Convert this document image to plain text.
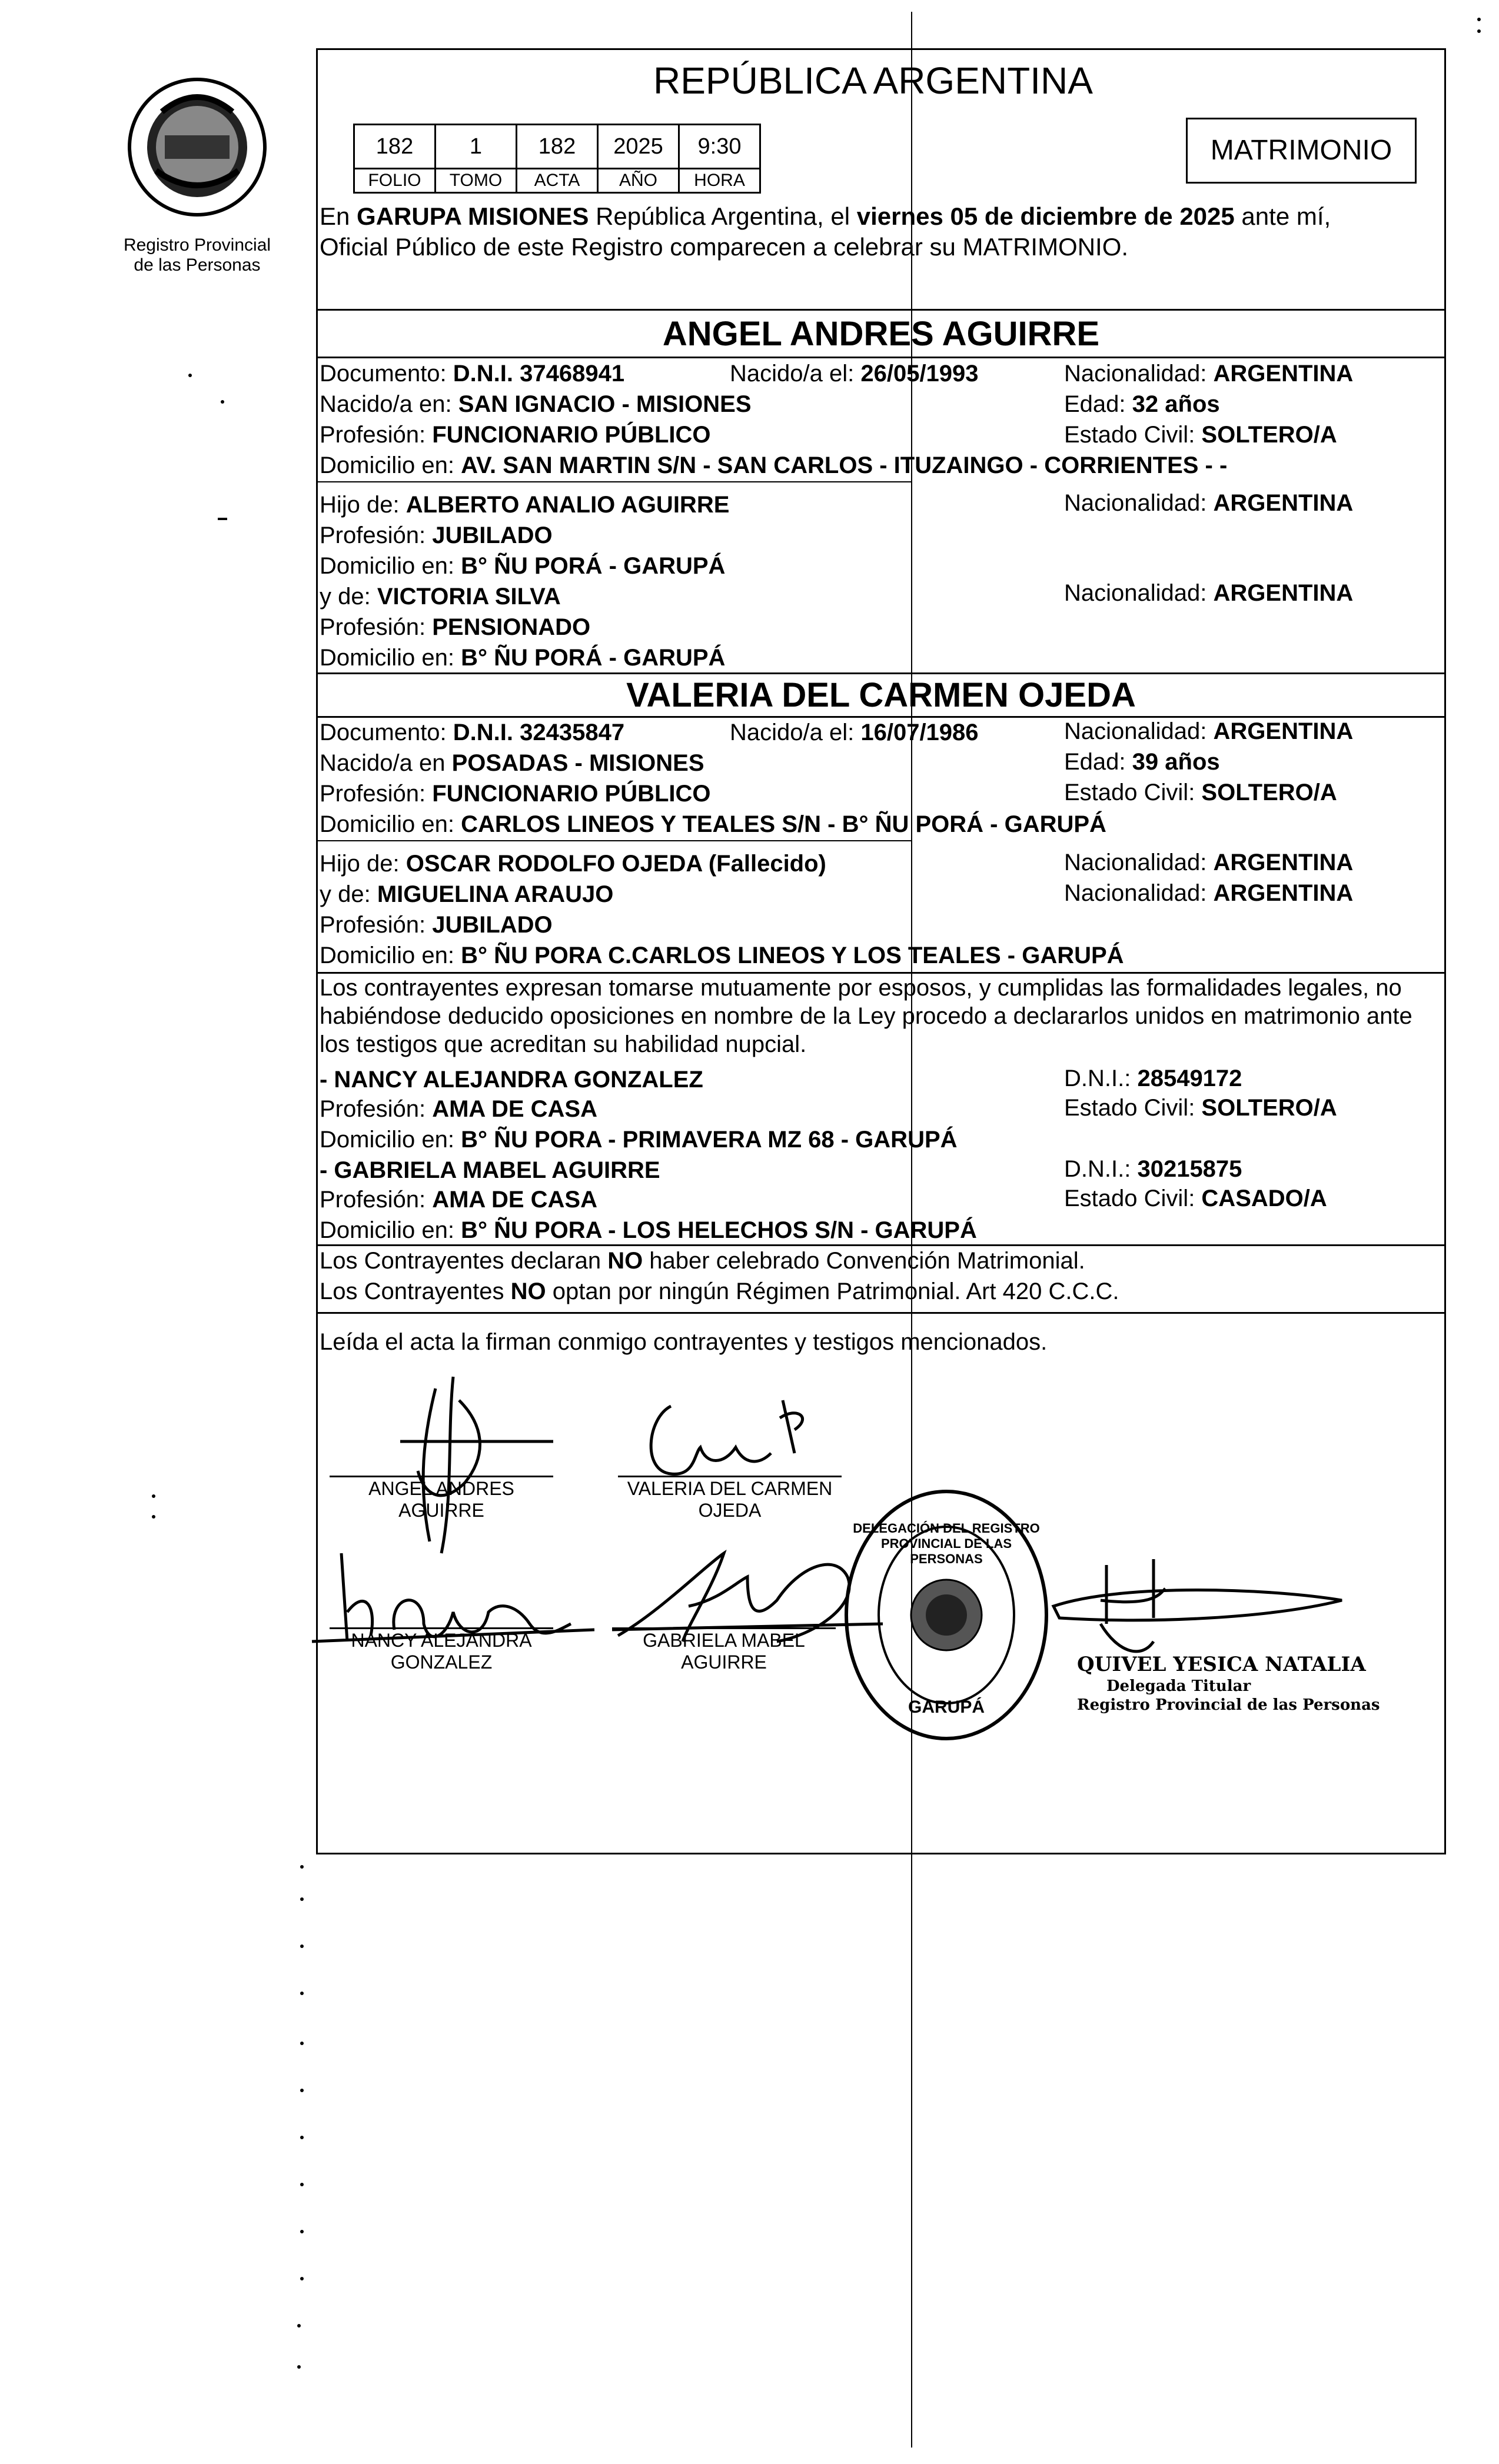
Registro Provincial
de las Personas
REPÚBLICA ARGENTINA
182	1	182	2025	9:30
FOLIO	TOMO	ACTA	AÑO	HORA
MATRIMONIO
En GARUPA MISIONES República Argentina, el viernes 05 de diciembre de 2025 ante mí,
Oficial Público de este Registro comparecen a celebrar su MATRIMONIO.
ANGEL ANDRES AGUIRRE
Documento: D.N.I. 37468941	Nacido/a el: 26/05/1993	Nacionalidad: ARGENTINA
Nacido/a en: SAN IGNACIO - MISIONES	Edad: 32 años
Profesión: FUNCIONARIO PÚBLICO	Estado Civil: SOLTERO/A
Domicilio en: AV. SAN MARTIN S/N - SAN CARLOS - ITUZAINGO - CORRIENTES - -
Hijo de: ALBERTO ANALIO AGUIRRE	Nacionalidad: ARGENTINA
Profesión: JUBILADO
Domicilio en: B° ÑU PORÁ - GARUPÁ
y de: VICTORIA SILVA	Nacionalidad: ARGENTINA
Profesión: PENSIONADO
Domicilio en: B° ÑU PORÁ - GARUPÁ
VALERIA DEL CARMEN OJEDA
Documento: D.N.I. 32435847	Nacido/a el: 16/07/1986	Nacionalidad: ARGENTINA
Nacido/a en POSADAS - MISIONES	Edad: 39 años
Profesión: FUNCIONARIO PÚBLICO	Estado Civil: SOLTERO/A
Domicilio en: CARLOS LINEOS Y TEALES S/N - B° ÑU PORÁ - GARUPÁ
Hijo de: OSCAR RODOLFO OJEDA (Fallecido)	Nacionalidad: ARGENTINA
y de: MIGUELINA ARAUJO	Nacionalidad: ARGENTINA
Profesión: JUBILADO
Domicilio en: B° ÑU PORA C.CARLOS LINEOS Y LOS TEALES - GARUPÁ
Los contrayentes expresan tomarse mutuamente por esposos, y cumplidas las formalidades legales, no
habiéndose deducido oposiciones en nombre de la Ley procedo a declararlos unidos en matrimonio ante
los testigos que acreditan su habilidad nupcial.
- NANCY ALEJANDRA GONZALEZ	D.N.I.: 28549172
Profesión: AMA DE CASA	Estado Civil: SOLTERO/A
Domicilio en: B° ÑU PORA - PRIMAVERA MZ 68 - GARUPÁ
- GABRIELA MABEL AGUIRRE	D.N.I.: 30215875
Profesión: AMA DE CASA	Estado Civil: CASADO/A
Domicilio en: B° ÑU PORA - LOS HELECHOS S/N - GARUPÁ
Los Contrayentes declaran NO haber celebrado Convención Matrimonial.
Los Contrayentes NO optan por ningún Régimen Patrimonial. Art 420 C.C.C.
Leída el acta la firman conmigo contrayentes y testigos mencionados.
ANGEL ANDRES
AGUIRRE
VALERIA DEL CARMEN
OJEDA
NANCY ALEJANDRA
GONZALEZ
GABRIELA MABEL
AGUIRRE
DELEGACIÓN DEL REGISTRO PROVINCIAL DE LAS PERSONAS
GARUPÁ
QUIVEL YESICA NATALIA
Delegada Titular
Registro Provincial de las Personas
